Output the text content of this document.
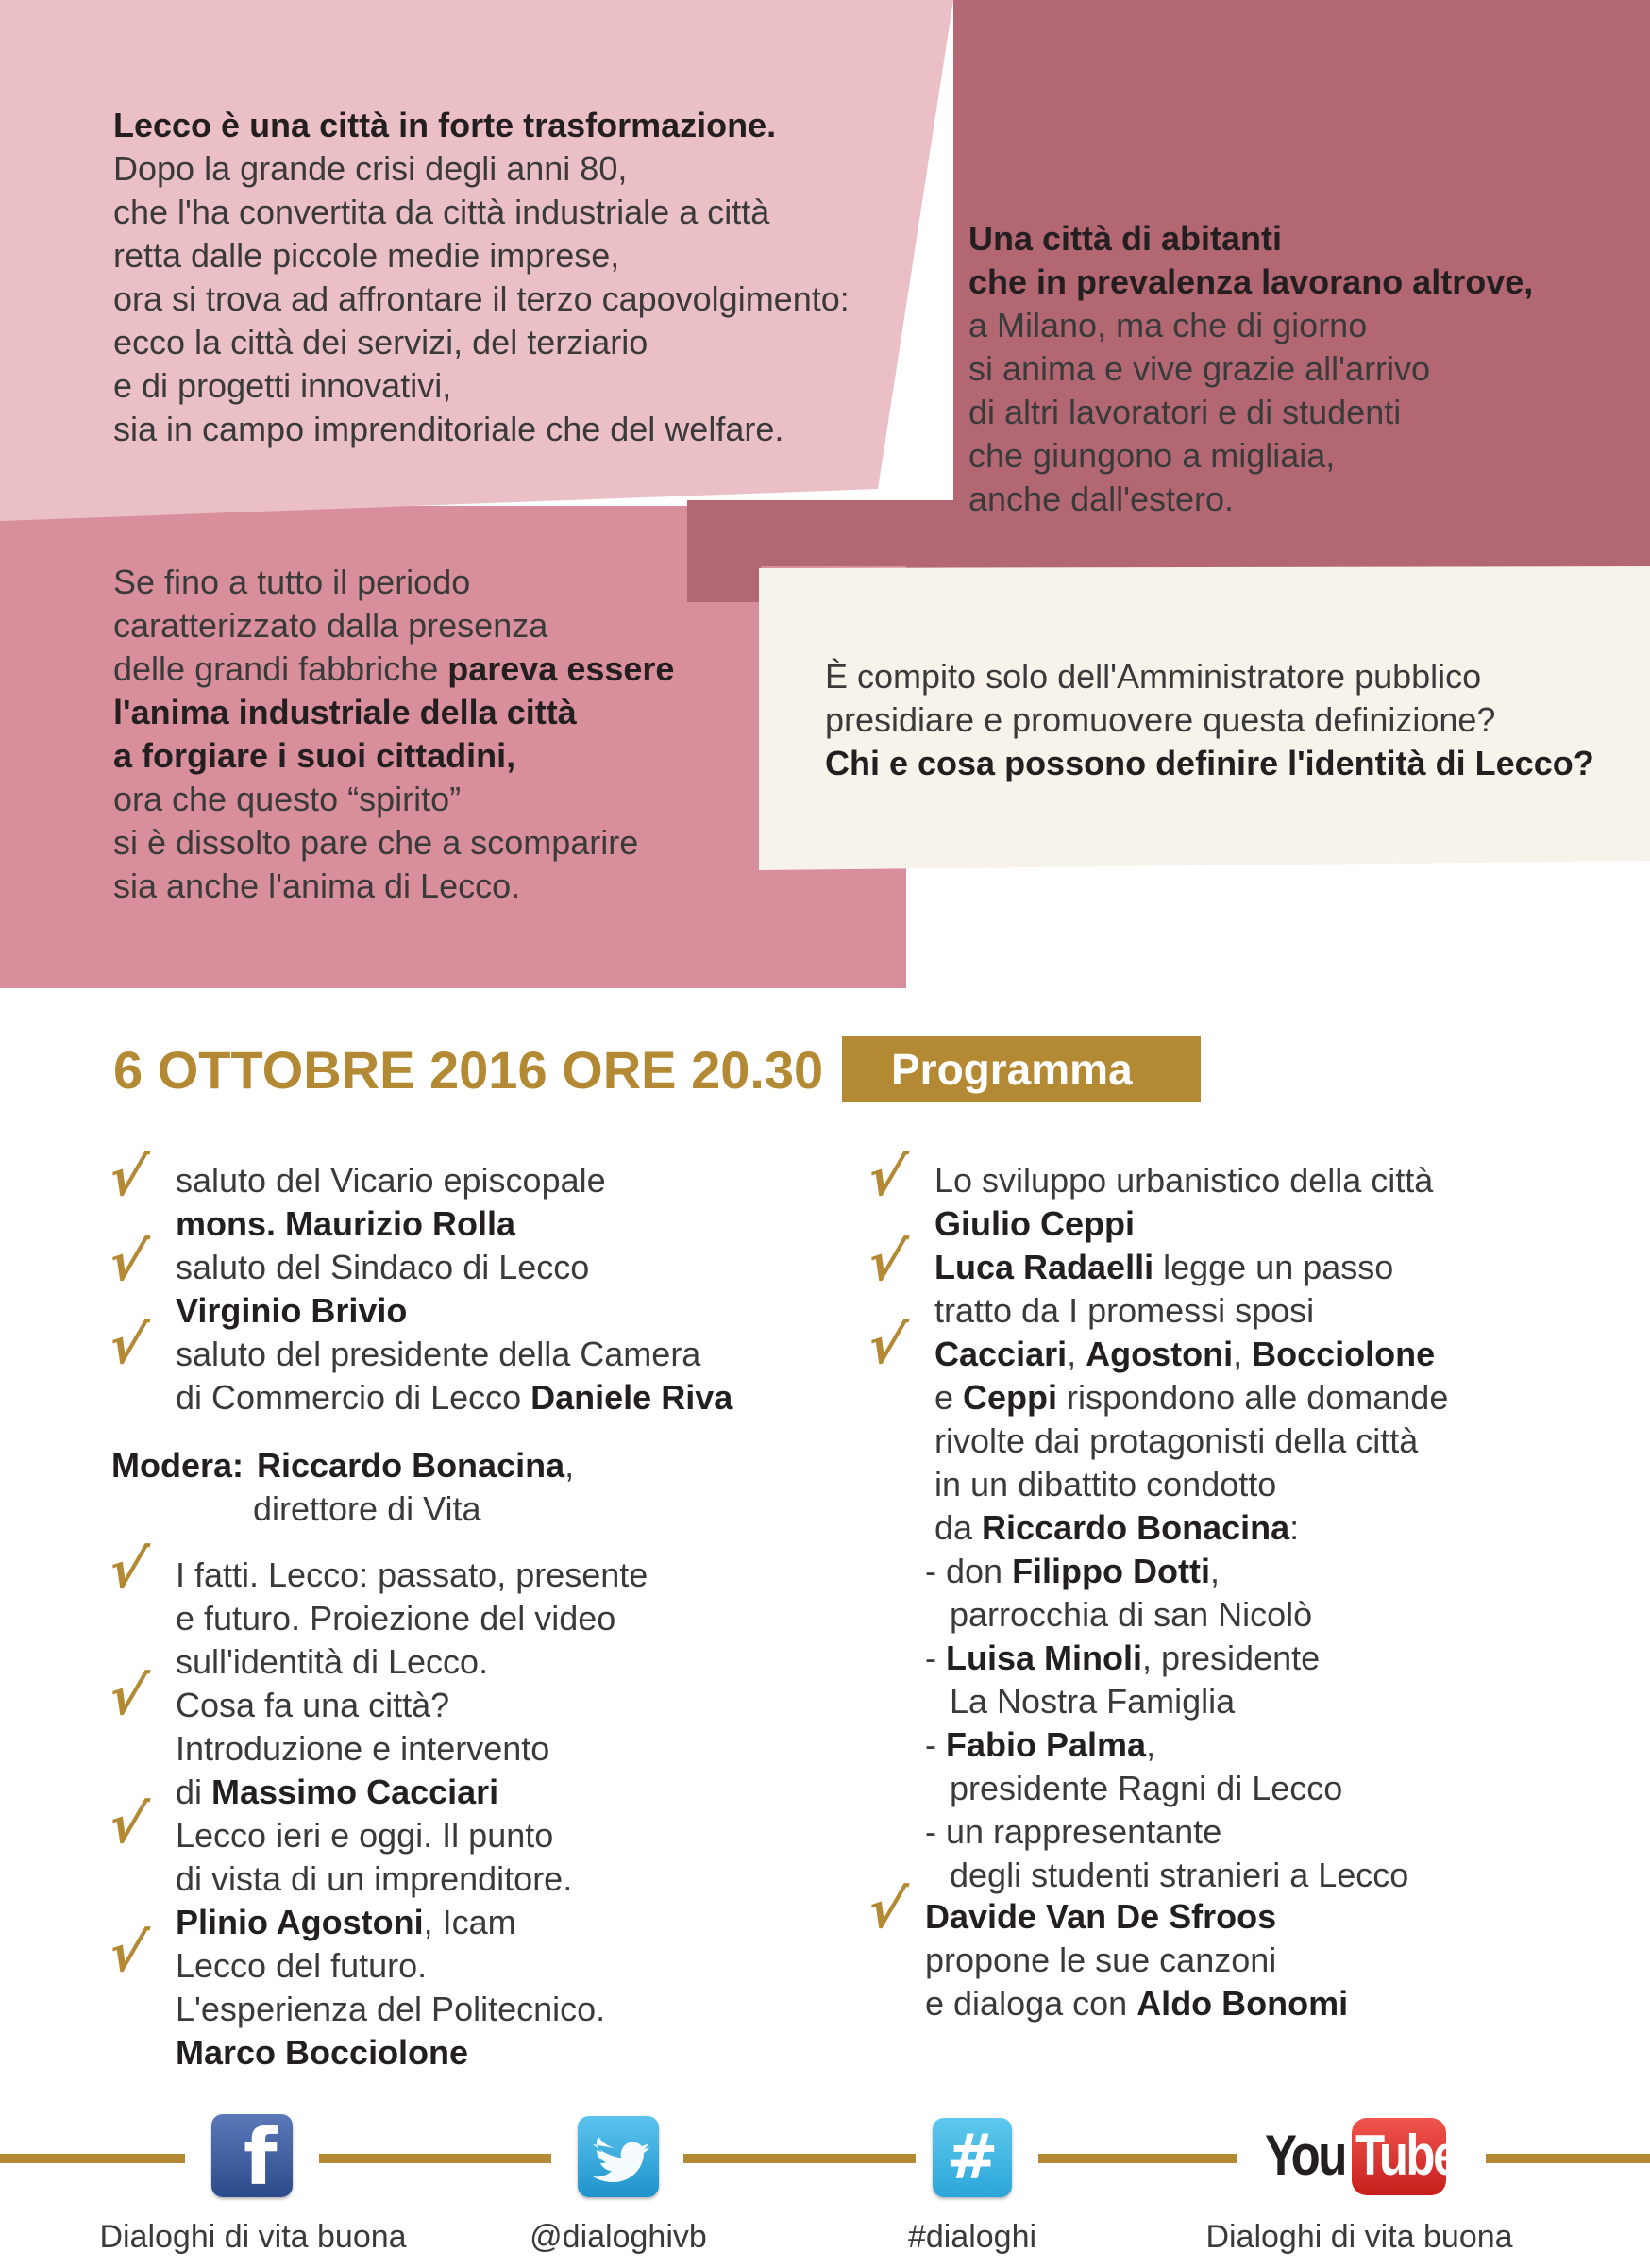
Lecco è una città in forte trasformazione.
Dopo la grande crisi degli anni 80,
che l'ha convertita da città industriale a città
retta dalle piccole medie imprese,
ora si trova ad affrontare il terzo capovolgimento:
ecco la città dei servizi, del terziario
e di progetti innovativi,
sia in campo imprenditoriale che del welfare.
Una città di abitanti
che in prevalenza lavorano altrove,
a Milano, ma che di giorno
si anima e vive grazie all'arrivo
di altri lavoratori e di studenti
che giungono a migliaia,
anche dall'estero.
Se fino a tutto il periodo
caratterizzato dalla presenza
delle grandi fabbriche pareva essere
l'anima industriale della città
a forgiare i suoi cittadini,
ora che questo “spirito”
si è dissolto pare che a scomparire
sia anche l'anima di Lecco.
È compito solo dell'Amministratore pubblico
presidiare e promuovere questa definizione?
Chi e cosa possono definire l'identità di Lecco?
6 OTTOBRE 2016 ORE 20.30 Programma
√
√
√
√
√
√
√
saluto del Vicario episcopale
mons. Maurizio Rolla
saluto del Sindaco di Lecco
Virginio Brivio
saluto del presidente della Camera
di Commercio di Lecco Daniele Riva
Modera: Riccardo Bonacina,
direttore di Vita
I fatti. Lecco: passato, presente
e futuro. Proiezione del video
sull'identità di Lecco.
Cosa fa una città?
Introduzione e intervento
di Massimo Cacciari
Lecco ieri e oggi. Il punto
di vista di un imprenditore.
Plinio Agostoni, Icam
Lecco del futuro.
L'esperienza del Politecnico.
Marco Bocciolone
√
√
√
√
Lo sviluppo urbanistico della città
Giulio Ceppi
Luca Radaelli legge un passo
tratto da I promessi sposi
Cacciari, Agostoni, Bocciolone
e Ceppi rispondono alle domande
rivolte dai protagonisti della città
in un dibattito condotto
da Riccardo Bonacina:
- don Filippo Dotti,
parrocchia di san Nicolò
- Luisa Minoli, presidente
La Nostra Famiglia
- Fabio Palma,
presidente Ragni di Lecco
- un rappresentante
degli studenti stranieri a Lecco
Davide Van De Sfroos
propone le sue canzoni
e dialoga con Aldo Bonomi
f
Dialoghi di vita buona	@dialoghivb
#
#dialoghi
You Tube
Dialoghi di vita buona
